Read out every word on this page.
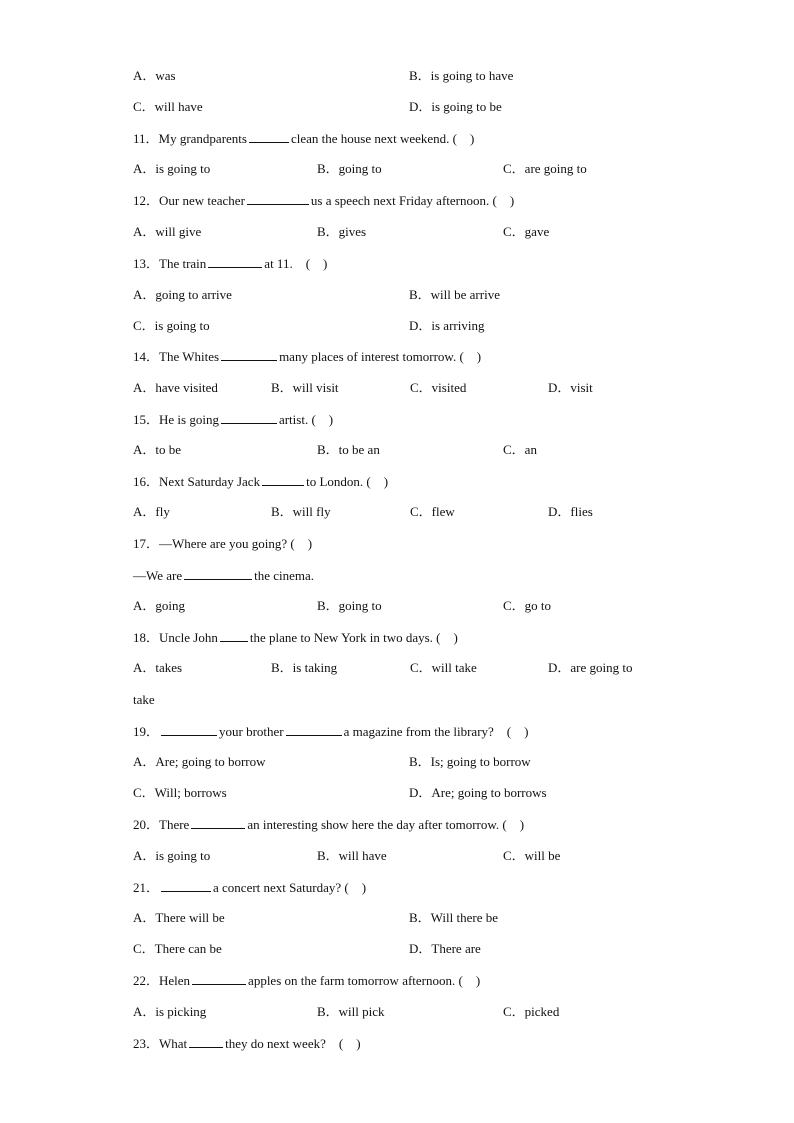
A．was	B．is going to have
C．will have	D．is going to be
11．My grandparents	clean the house next weekend. (　)
A．is going to	B．going to	C．are going to
12．Our new teacher	us a speech next Friday afternoon. (　)
A．will give	B．gives	C．gave
13．The train	at 11.　(　)
A．going to arrive	B．will be arrive
C．is going to	D．is arriving
14．The Whites	many places of interest tomorrow. (　)
A．have visited	B．will visit	C．visited	D．visit
15．He is going	artist. (　)
A．to be	B．to be an	C．an
16．Next Saturday Jack	to London. (　)
A．fly	B．will fly	C．flew	D．flies
17．—Where are you going? (　)
—We are	the cinema.
A．going	B．going to	C．go to
18．Uncle John the plane to New York in two days. (　)
A．takes	B．is taking	C．will take	D．are going to
take
19．	your brother	a magazine from the library?　(　)
A．Are; going to borrow	B．Is; going to borrow
C．Will; borrows	D．Are; going to borrows
20．There	an interesting show here the day after tomorrow. (　)
A．is going to	B．will have	C．will be
21．	a concert next Saturday? (　)
A．There will be	B．Will there be
C．There can be	D．There are
22．Helen	apples on the farm tomorrow afternoon. (　)
A．is picking	B．will pick	C．picked
23．What	they do next week?　(　)
